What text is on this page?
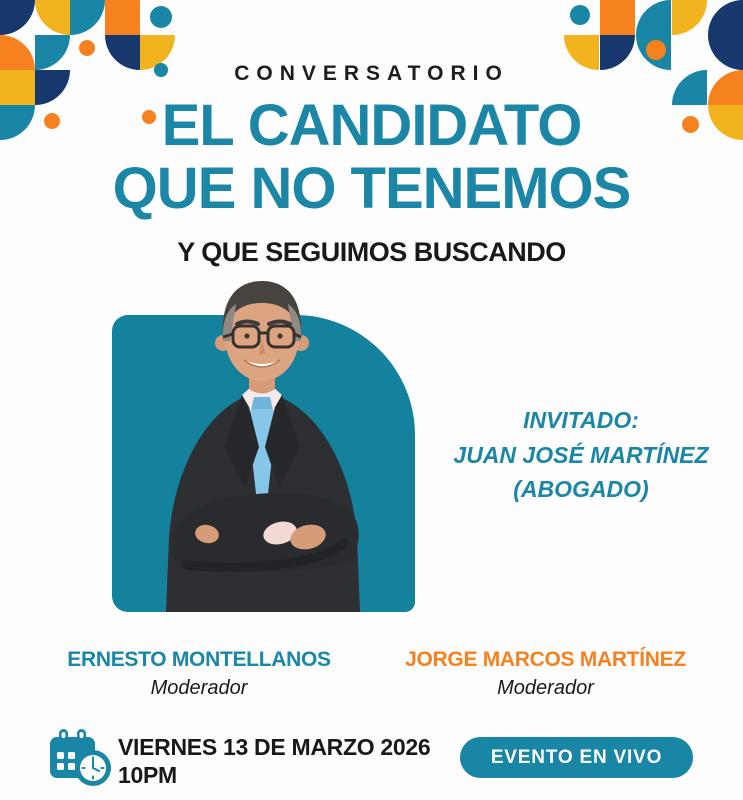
CONVERSATORIO
EL CANDIDATO
QUE NO TENEMOS
Y QUE SEGUIMOS BUSCANDO
INVITADO:
JUAN JOSÉ MARTÍNEZ
(ABOGADO)
ERNESTO MONTELLANOS
Moderador
JORGE MARCOS MARTÍNEZ
Moderador
VIERNES 13 DE MARZO 2026
10PM
EVENTO EN VIVO
